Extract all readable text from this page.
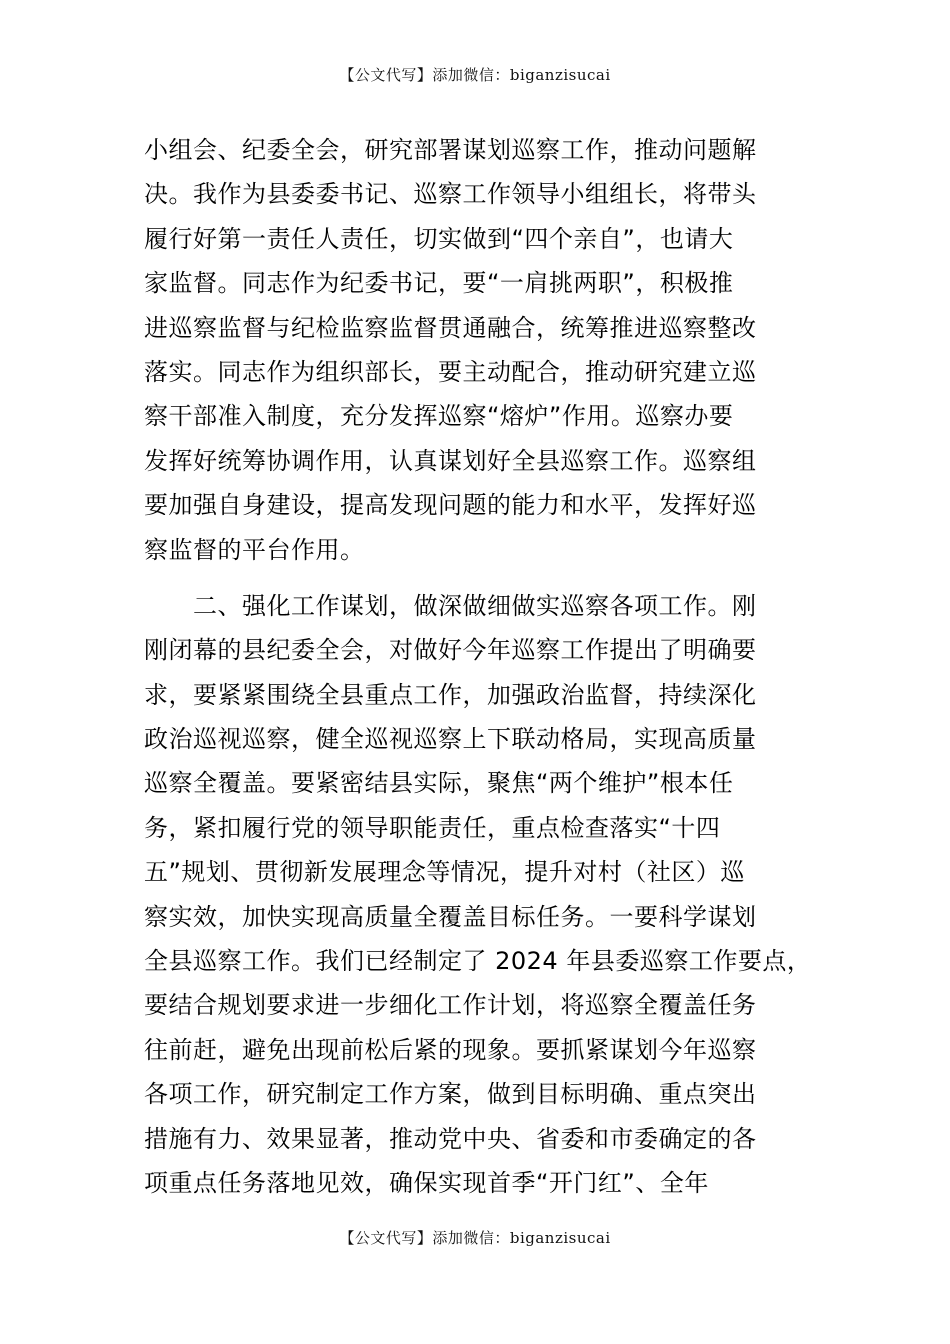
【公文代写】添加微信：biganzisucai
小组会、纪委全会，研究部署谋划巡察工作，推动问题解
决。我作为县委委书记、巡察工作领导小组组长，将带头
履行好第一责任人责任，切实做到“四个亲自”，也请大
家监督。同志作为纪委书记，要“一肩挑两职”，积极推
进巡察监督与纪检监察监督贯通融合，统筹推进巡察整改
落实。同志作为组织部长，要主动配合，推动研究建立巡
察干部准入制度，充分发挥巡察“熔炉”作用。巡察办要
发挥好统筹协调作用，认真谋划好全县巡察工作。巡察组
要加强自身建设，提高发现问题的能力和水平，发挥好巡
察监督的平台作用。
　　二、强化工作谋划，做深做细做实巡察各项工作。刚
刚闭幕的县纪委全会，对做好今年巡察工作提出了明确要
求，要紧紧围绕全县重点工作，加强政治监督，持续深化
政治巡视巡察，健全巡视巡察上下联动格局，实现高质量
巡察全覆盖。要紧密结县实际，聚焦“两个维护”根本任
务，紧扣履行党的领导职能责任，重点检查落实“十四
五”规划、贯彻新发展理念等情况，提升对村（社区）巡
察实效，加快实现高质量全覆盖目标任务。一要科学谋划
全县巡察工作。我们已经制定了 2024 年县委巡察工作要点，
要结合规划要求进一步细化工作计划，将巡察全覆盖任务
往前赶，避免出现前松后紧的现象。要抓紧谋划今年巡察
各项工作，研究制定工作方案，做到目标明确、重点突出
措施有力、效果显著，推动党中央、省委和市委确定的各
项重点任务落地见效，确保实现首季“开门红”、全年
【公文代写】添加微信：biganzisucai
